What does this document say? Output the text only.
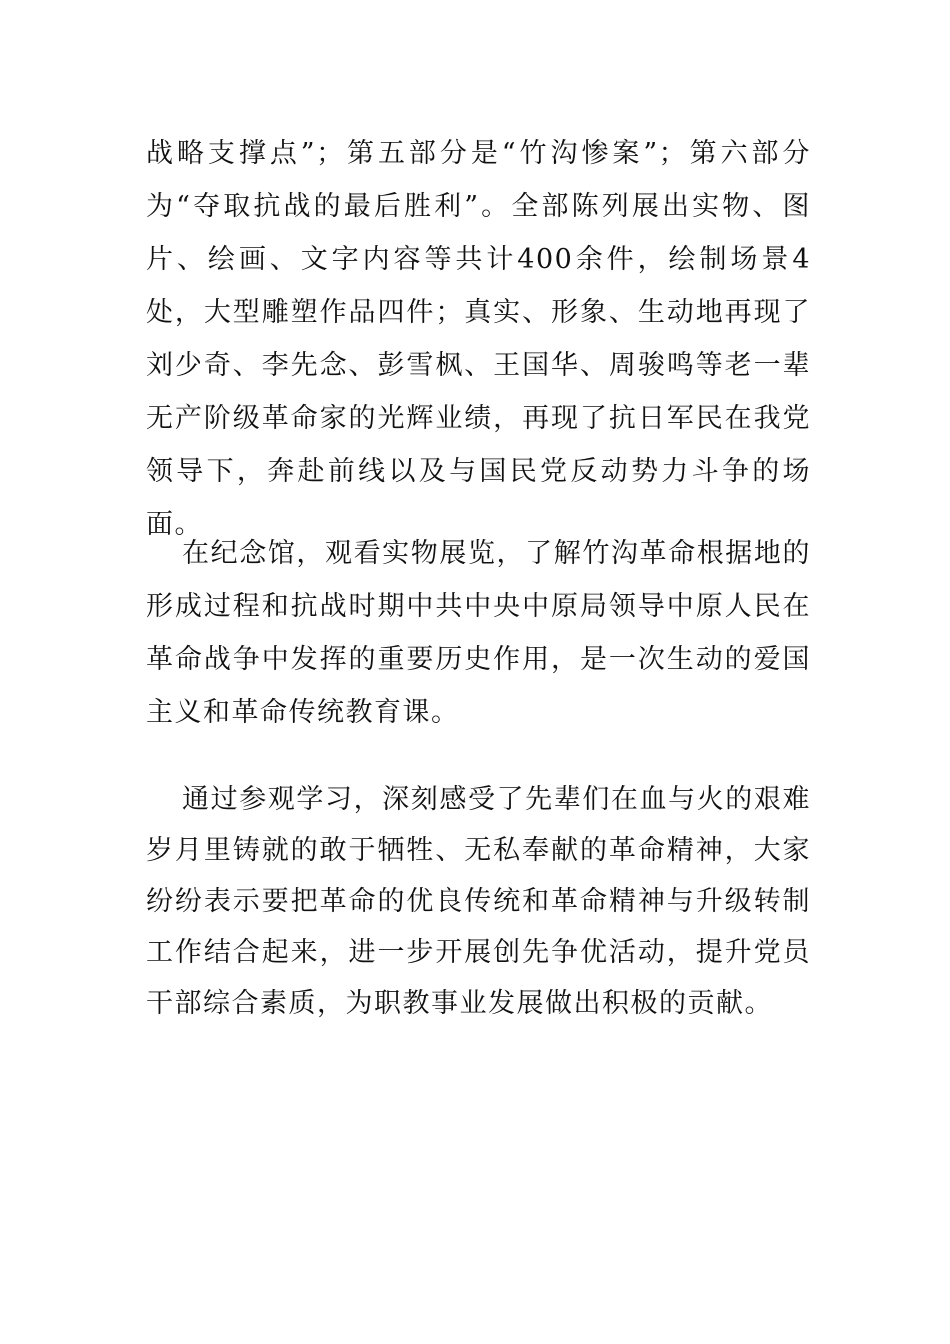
战略支撑点”；第五部分是“竹沟惨案”；第六部分为“夺取抗战的最后胜利”。全部陈列展出实物、图片、绘画、文字内容等共计400余件，绘制场景4处，大型雕塑作品四件；真实、形象、生动地再现了刘少奇、李先念、彭雪枫、王国华、周骏鸣等老一辈无产阶级革命家的光辉业绩，再现了抗日军民在我党领导下，奔赴前线以及与国民党反动势力斗争的场面。

在纪念馆，观看实物展览，了解竹沟革命根据地的形成过程和抗战时期中共中央中原局领导中原人民在革命战争中发挥的重要历史作用，是一次生动的爱国主义和革命传统教育课。

通过参观学习，深刻感受了先辈们在血与火的艰难岁月里铸就的敢于牺牲、无私奉献的革命精神，大家纷纷表示要把革命的优良传统和革命精神与升级转制工作结合起来，进一步开展创先争优活动，提升党员干部综合素质，为职教事业发展做出积极的贡献。
